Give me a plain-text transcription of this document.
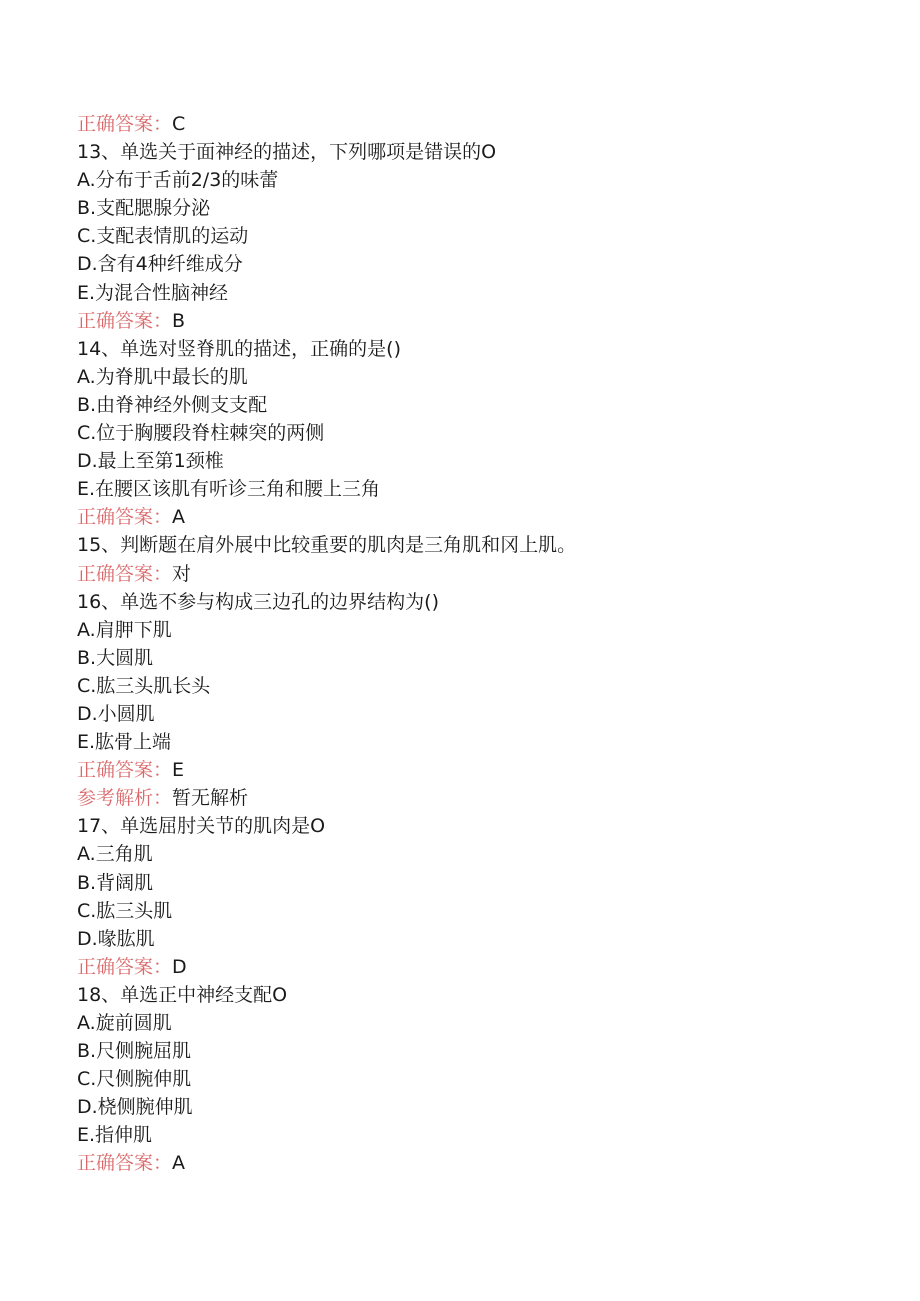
正确答案：C
13、单选关于面神经的描述，下列哪项是错误的O
A.分布于舌前2/3的味蕾
B.支配腮腺分泌
C.支配表情肌的运动
D.含有4种纤维成分
E.为混合性脑神经
正确答案：B
14、单选对竖脊肌的描述，正确的是()
A.为脊肌中最长的肌
B.由脊神经外侧支支配
C.位于胸腰段脊柱棘突的两侧
D.最上至第1颈椎
E.在腰区该肌有听诊三角和腰上三角
正确答案：A
15、判断题在肩外展中比较重要的肌肉是三角肌和冈上肌。
正确答案：对
16、单选不参与构成三边孔的边界结构为()
A.肩胛下肌
B.大圆肌
C.肱三头肌长头
D.小圆肌
E.肱骨上端
正确答案：E
参考解析：暂无解析
17、单选屈肘关节的肌肉是O
A.三角肌
B.背阔肌
C.肱三头肌
D.喙肱肌
正确答案：D
18、单选正中神经支配O
A.旋前圆肌
B.尺侧腕屈肌
C.尺侧腕伸肌
D.桡侧腕伸肌
E.指伸肌
正确答案：A
